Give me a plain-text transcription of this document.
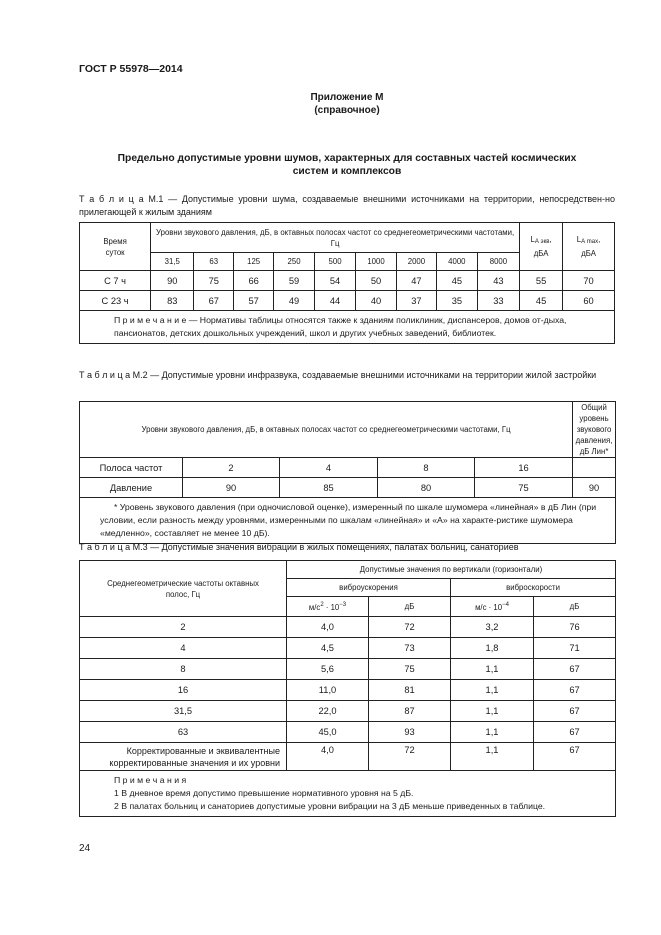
ГОСТ Р 55978—2014
Приложение М
(справочное)
Предельно допустимые уровни шумов, характерных для составных частей космических
систем и комплексов
Т а б л и ц а М.1 — Допустимые уровни шума, создаваемые внешними источниками на территории, непосредствен-но прилегающей к жилым зданиям
Время
суток	Уровни звукового давления, дБ, в октавных полосах частот со среднегеометрическими частотами, Гц									$L_{А экв}$,
дБА	$L_{А max}$,
дБА
	31,5	63	125	250	500	1000	2000	4000	8000		
С 7 ч	90	75	66	59	54	50	47	45	43	55	70
С 23 ч	83	67	57	49	44	40	37	35	33	45	60
П р и м е ч а н и е — Нормативы таблицы относятся также к зданиям поликлиник, диспансеров, домов от-дыха, пансионатов, детских дошкольных учреждений, школ и других учебных заведений, библиотек.											
Т а б л и ц а М.2 — Допустимые уровни инфразвука, создаваемые внешними источниками на территории жилой застройки
Уровни звукового давления, дБ, в октавных полосах частот со среднегеометрическими частотами, Гц					Общий уровень звукового давления, дБ Лин*
Полоса частот	2	4	8	16	
Давление	90	85	80	75	90
* Уровень звукового давления (при одночисловой оценке), измеренный по шкале шумомера «линейная» в дБ Лин (при условии, если разность между уровнями, измеренными по шкалам «линейная» и «А» на характе-ристике шумомера «медленно», составляет не менее 10 дБ).					
Т а б л и ц а М.3 — Допустимые значения вибрации в жилых помещениях, палатах больниц, санаториев
Среднегеометрические частоты октавных полос, Гц	Допустимые значения по вертикали (горизонтали)			
	виброускорения		виброскорости	
	$м/с^2 \cdot 10^{-3}$	дБ	$м/с \cdot 10^{-4}$	дБ
2	4,0	72	3,2	76
4	4,5	73	1,8	71
8	5,6	75	1,1	67
16	11,0	81	1,1	67
31,5	22,0	87	1,1	67
63	45,0	93	1,1	67
Корректированные и эквивалентные
корректированные значения и их уровни	4,0	72	1,1	67

П р и м е ч а н и я
1 В дневное время допустимо превышение нормативного уровня на 5 дБ.
2 В палатах больниц и санаториев допустимые уровни вибрации на 3 дБ меньше приведенных в таблице.				
24
